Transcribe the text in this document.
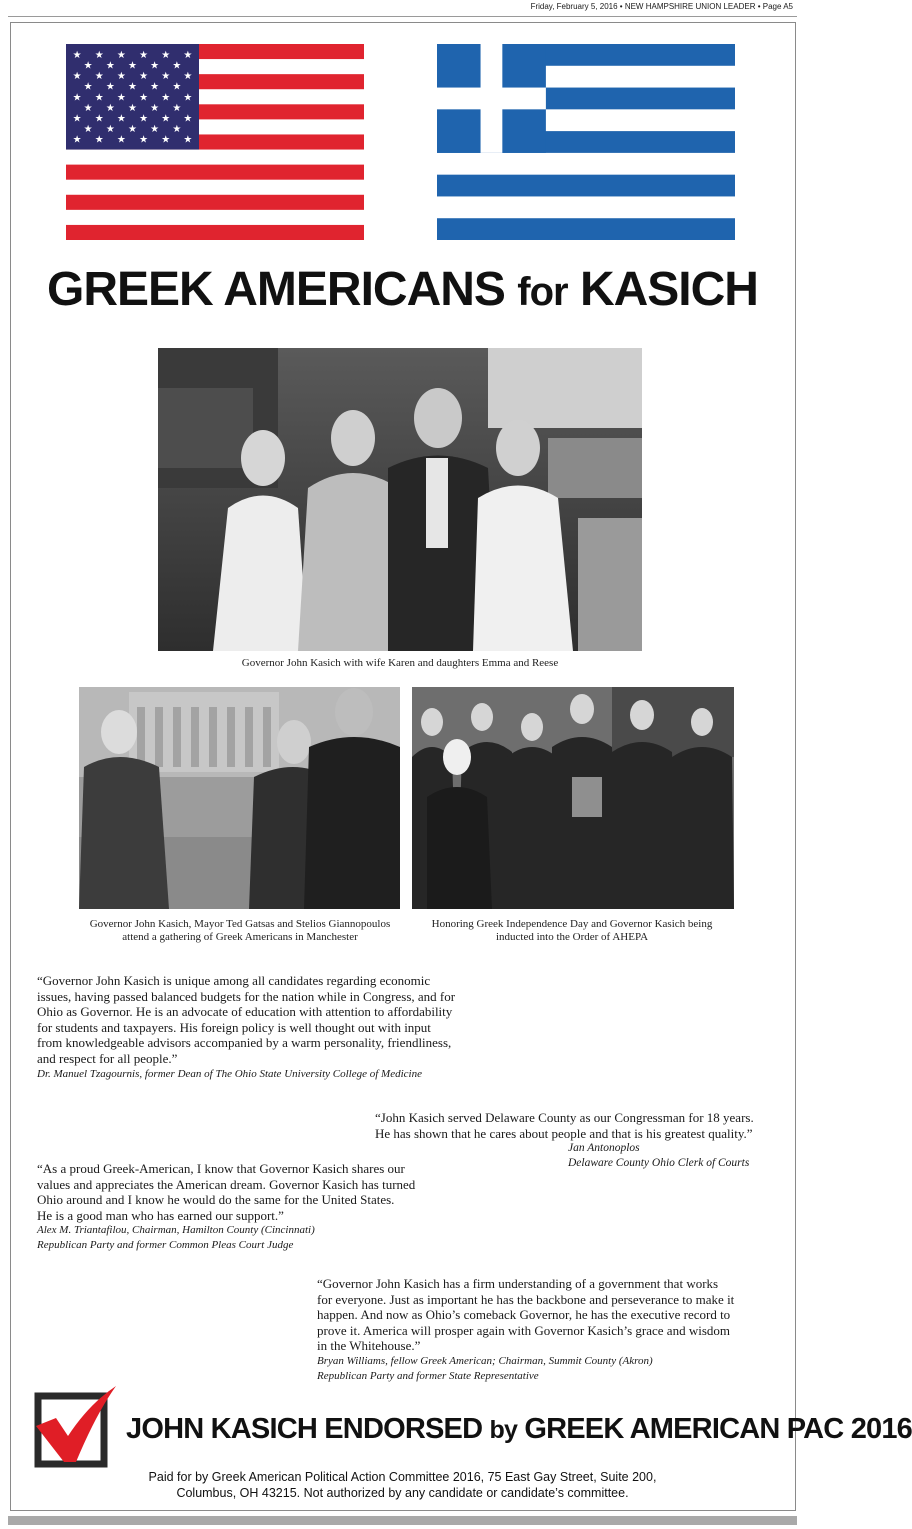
Friday, February 5, 2016 • NEW HAMPSHIRE UNION LEADER • Page A5
★ ★ ★ ★ ★ ★
★ ★ ★ ★ ★
★ ★ ★ ★ ★ ★
★ ★ ★ ★ ★
★ ★ ★ ★ ★ ★
★ ★ ★ ★ ★
★ ★ ★ ★ ★ ★
★ ★ ★ ★ ★
★ ★ ★ ★ ★ ★
GREEK AMERICANS for KASICH
Governor John Kasich with wife Karen and daughters Emma and Reese
Governor John Kasich, Mayor Ted Gatsas and Stelios Giannopoulos
attend a gathering of Greek Americans in Manchester
Honoring Greek Independence Day and Governor Kasich being
inducted into the Order of AHEPA
“Governor John Kasich is unique among all candidates regarding economic
issues, having passed balanced budgets for the nation while in Congress, and for
Ohio as Governor. He is an advocate of education with attention to affordability
for students and taxpayers. His foreign policy is well thought out with input
from knowledgeable advisors accompanied by a warm personality, friendliness,
and respect for all people.”
Dr. Manuel Tzagournis, former Dean of The Ohio State University College of Medicine
“John Kasich served Delaware County as our Congressman for 18 years.
He has shown that he cares about people and that is his greatest quality.”
Jan Antonoplos
Delaware County Ohio Clerk of Courts
“As a proud Greek-American, I know that Governor Kasich shares our
values and appreciates the American dream. Governor Kasich has turned
Ohio around and I know he would do the same for the United States.
He is a good man who has earned our support.”
Alex M. Triantafilou, Chairman, Hamilton County (Cincinnati)
Republican Party and former Common Pleas Court Judge
“Governor John Kasich has a firm understanding of a government that works
for everyone. Just as important he has the backbone and perseverance to make it
happen. And now as Ohio’s comeback Governor, he has the executive record to
prove it. America will prosper again with Governor Kasich’s grace and wisdom
in the Whitehouse.”
Bryan Williams, fellow Greek American; Chairman, Summit County (Akron)
Republican Party and former State Representative
JOHN KASICH ENDORSED by GREEK AMERICAN PAC 2016
Paid for by Greek American Political Action Committee 2016, 75 East Gay Street, Suite 200,
Columbus, OH 43215. Not authorized by any candidate or candidate’s committee.
